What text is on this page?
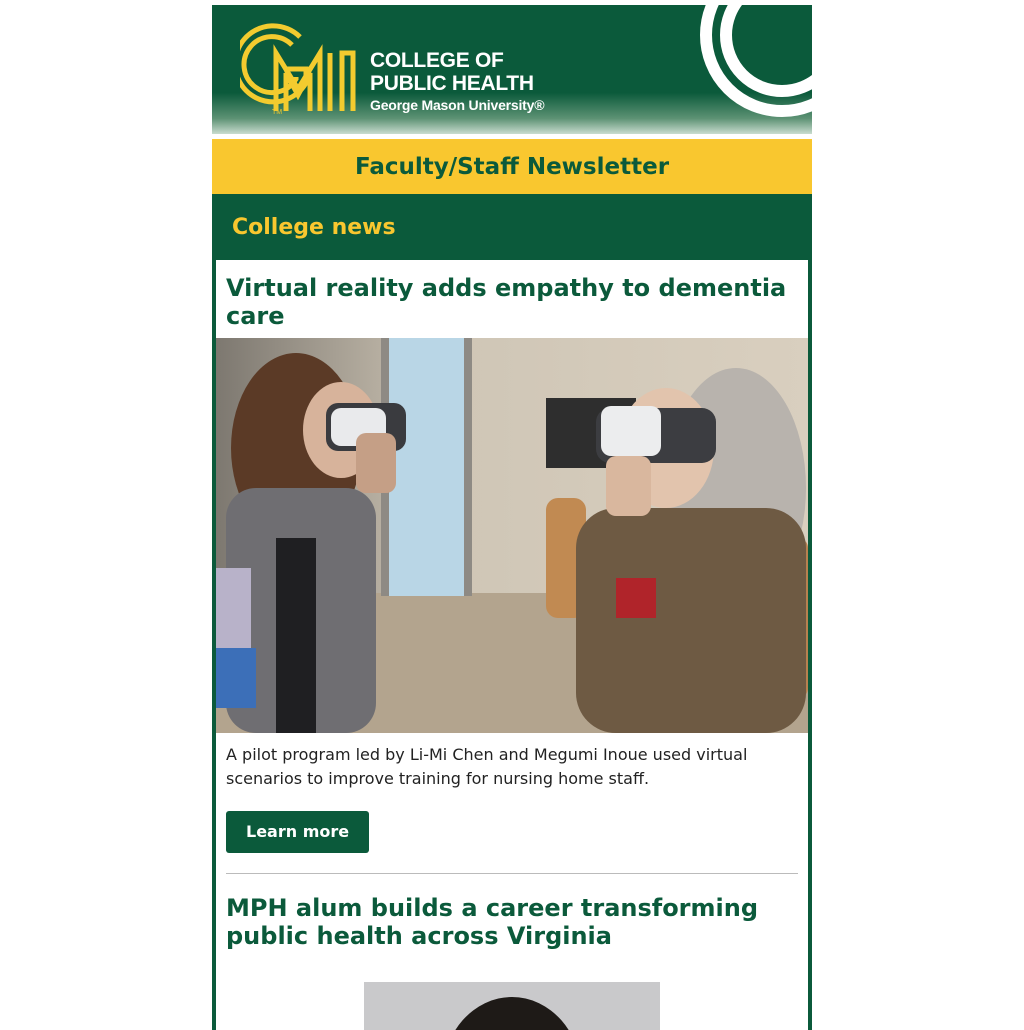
TM
COLLEGE OF
PUBLIC HEALTH
George Mason University®
Faculty/Staff Newsletter
College news
Virtual reality adds empathy to dementia care

A pilot program led by Li-Mi Chen and Megumi Inoue used virtual scenarios to improve training for nursing home staff.

Learn more
MPH alum builds a career transforming public health across Virginia
